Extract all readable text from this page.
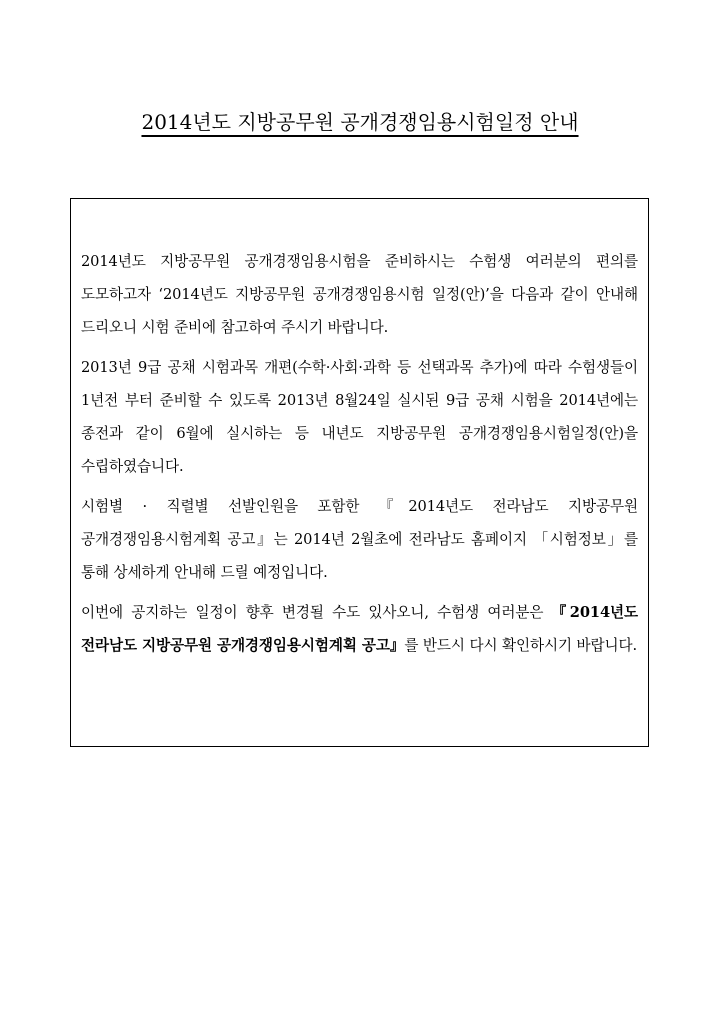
2014년도 지방공무원 공개경쟁임용시험일정 안내

2014년도 지방공무원 공개경쟁임용시험을 준비하시는 수험생 여러분의 편의를 도모하고자 ‘2014년도 지방공무원 공개경쟁임용시험 일정(안)’을 다음과 같이 안내해 드리오니 시험 준비에 참고하여 주시기 바랍니다.

2013년 9급 공채 시험과목 개편(수학·사회·과학 등 선택과목 추가)에 따라 수험생들이 1년전 부터 준비할 수 있도록 2013년 8월24일 실시된 9급 공채 시험을 2014년에는 종전과 같이 6월에 실시하는 등 내년도 지방공무원 공개경쟁임용시험일정(안)을 수립하였습니다.

시험별 · 직렬별 선발인원을 포함한 『2014년도 전라남도 지방공무원 공개경쟁임용시험계획 공고』는 2014년 2월초에 전라남도 홈페이지 「시험정보」를 통해 상세하게 안내해 드릴 예정입니다.

이번에 공지하는 일정이 향후 변경될 수도 있사오니, 수험생 여러분은 『2014년도 전라남도 지방공무원 공개경쟁임용시험계획 공고』를 반드시 다시 확인하시기 바랍니다.
